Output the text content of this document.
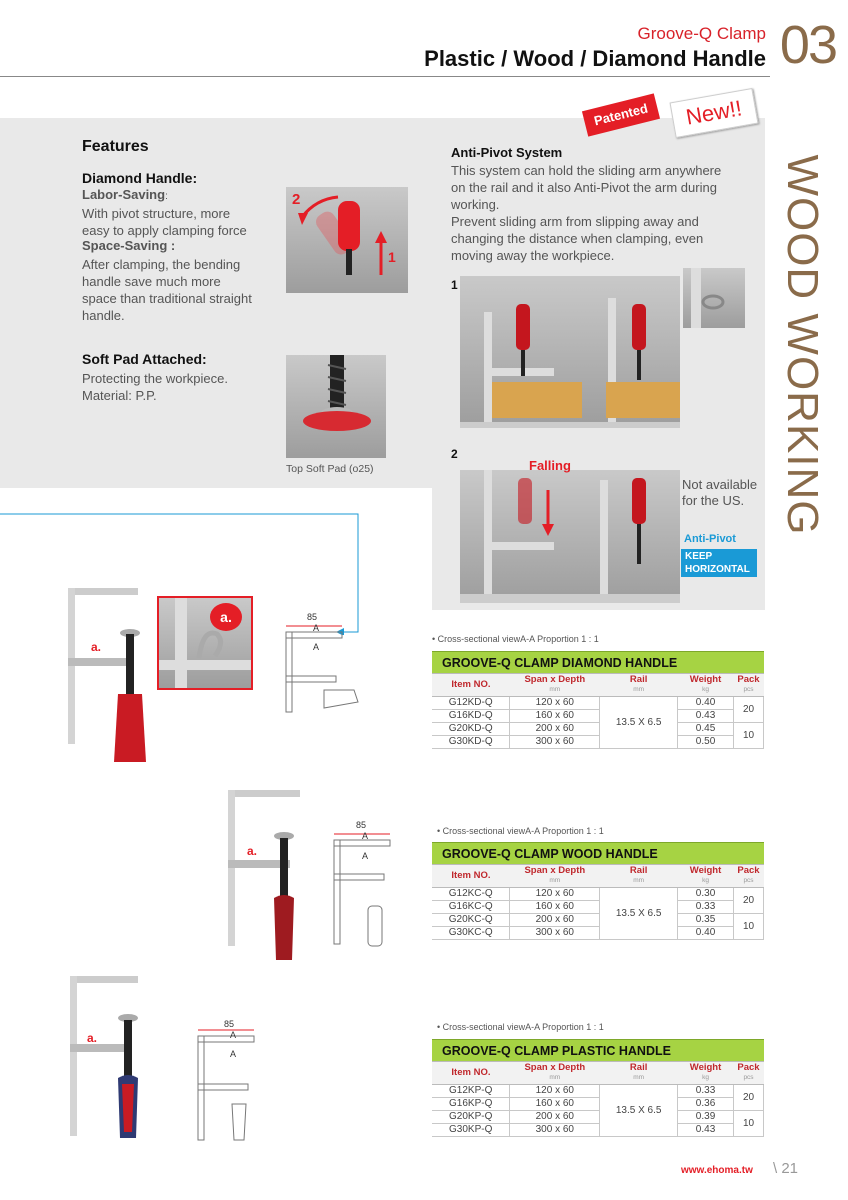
Groove-Q Clamp
Plastic / Wood / Diamond Handle 03
WOOD WORKING
Features
Diamond Handle:
Labor-Saving:
With pivot structure, more
easy to apply clamping force
Space-Saving :
After clamping, the bending
handle save much more
space than traditional straight
handle.
Soft Pad Attached:
Protecting the workpiece.
Material: P.P.
2
1
Top Soft Pad (o25)
Patented	New!!
Anti-Pivot System
This system can hold the sliding arm anywhere
on the rail and it also Anti-Pivot the arm during
working.
Prevent sliding arm from slipping away and
changing the distance when clamping, even
moving away the workpiece.
1
2
Falling
Not available
for the US.
Anti-Pivot
KEEP
HORIZONTAL
a.
a.	85
A
A
• Cross-sectional viewA-A Proportion 1 : 1
GROOVE-Q CLAMP DIAMOND HANDLE
Item NO.	Span x Depth
mm	Rail
mm	Weight
kg	Pack
pcs

G12KD-Q	120 x 60	13.5 X 6.5	0.40	20
G16KD-Q	160 x 60		0.43	
G20KD-Q	200 x 60		0.45	10
G30KD-Q	300 x 60		0.50	
a.
85
A
A
• Cross-sectional viewA-A Proportion 1 : 1
GROOVE-Q CLAMP WOOD HANDLE
Item NO.	Span x Depth
mm	Rail
mm	Weight
kg	Pack
pcs

G12KC-Q	120 x 60	13.5 X 6.5	0.30	20
G16KC-Q	160 x 60		0.33	
G20KC-Q	200 x 60		0.35	10
G30KC-Q	300 x 60		0.40	
a.
85
A
A
• Cross-sectional viewA-A Proportion 1 : 1
GROOVE-Q CLAMP PLASTIC HANDLE
Item NO.	Span x Depth
mm	Rail
mm	Weight
kg	Pack
pcs

G12KP-Q	120 x 60	13.5 X 6.5	0.33	20
G16KP-Q	160 x 60		0.36	
G20KP-Q	200 x 60		0.39	10
G30KP-Q	300 x 60		0.43	
www.ehoma.tw \ 21
